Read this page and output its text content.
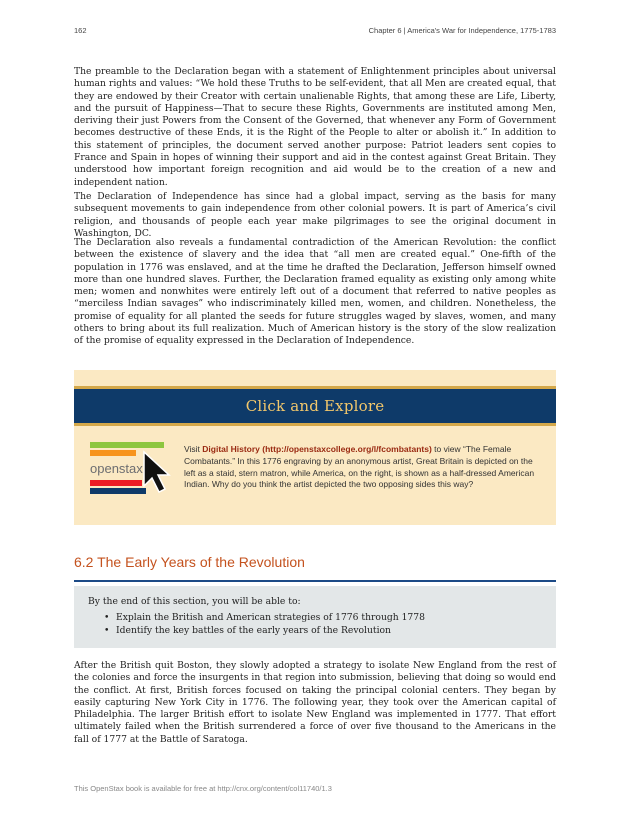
162	Chapter 6 | America's War for Independence, 1775-1783

The preamble to the Declaration began with a statement of Enlightenment principles about universal human rights and values: “We hold these Truths to be self-evident, that all Men are created equal, that they are endowed by their Creator with certain unalienable Rights, that among these are Life, Liberty, and the pursuit of Happiness—That to secure these Rights, Governments are instituted among Men, deriving their just Powers from the Consent of the Governed, that whenever any Form of Government becomes destructive of these Ends, it is the Right of the People to alter or abolish it.” In addition to this statement of principles, the document served another purpose: Patriot leaders sent copies to France and Spain in hopes of winning their support and aid in the contest against Great Britain. They understood how important foreign recognition and aid would be to the creation of a new and independent nation.

The Declaration of Independence has since had a global impact, serving as the basis for many subsequent movements to gain independence from other colonial powers. It is part of America’s civil religion, and thousands of people each year make pilgrimages to see the original document in Washington, DC.

The Declaration also reveals a fundamental contradiction of the American Revolution: the conflict between the existence of slavery and the idea that “all men are created equal.” One-fifth of the population in 1776 was enslaved, and at the time he drafted the Declaration, Jefferson himself owned more than one hundred slaves. Further, the Declaration framed equality as existing only among white men; women and nonwhites were entirely left out of a document that referred to native peoples as “merciless Indian savages” who indiscriminately killed men, women, and children. Nonetheless, the promise of equality for all planted the seeds for future struggles waged by slaves, women, and many others to bring about its full realization. Much of American history is the story of the slow realization of the promise of equality expressed in the Declaration of Independence.

Click and Explore
openstax

Visit Digital History (http://openstaxcollege.org/l/fcombatants) to view “The Female Combatants.” In this 1776 engraving by an anonymous artist, Great Britain is depicted on the left as a staid, stern matron, while America, on the right, is shown as a half-dressed American Indian. Why do you think the artist depicted the two opposing sides this way?

6.2 The Early Years of the Revolution

By the end of this section, you will be able to:

• Explain the British and American strategies of 1776 through 1778
• Identify the key battles of the early years of the Revolution

After the British quit Boston, they slowly adopted a strategy to isolate New England from the rest of the colonies and force the insurgents in that region into submission, believing that doing so would end the conflict. At first, British forces focused on taking the principal colonial centers. They began by easily capturing New York City in 1776. The following year, they took over the American capital of Philadelphia. The larger British effort to isolate New England was implemented in 1777. That effort ultimately failed when the British surrendered a force of over five thousand to the Americans in the fall of 1777 at the Battle of Saratoga.

This OpenStax book is available for free at http://cnx.org/content/col11740/1.3
